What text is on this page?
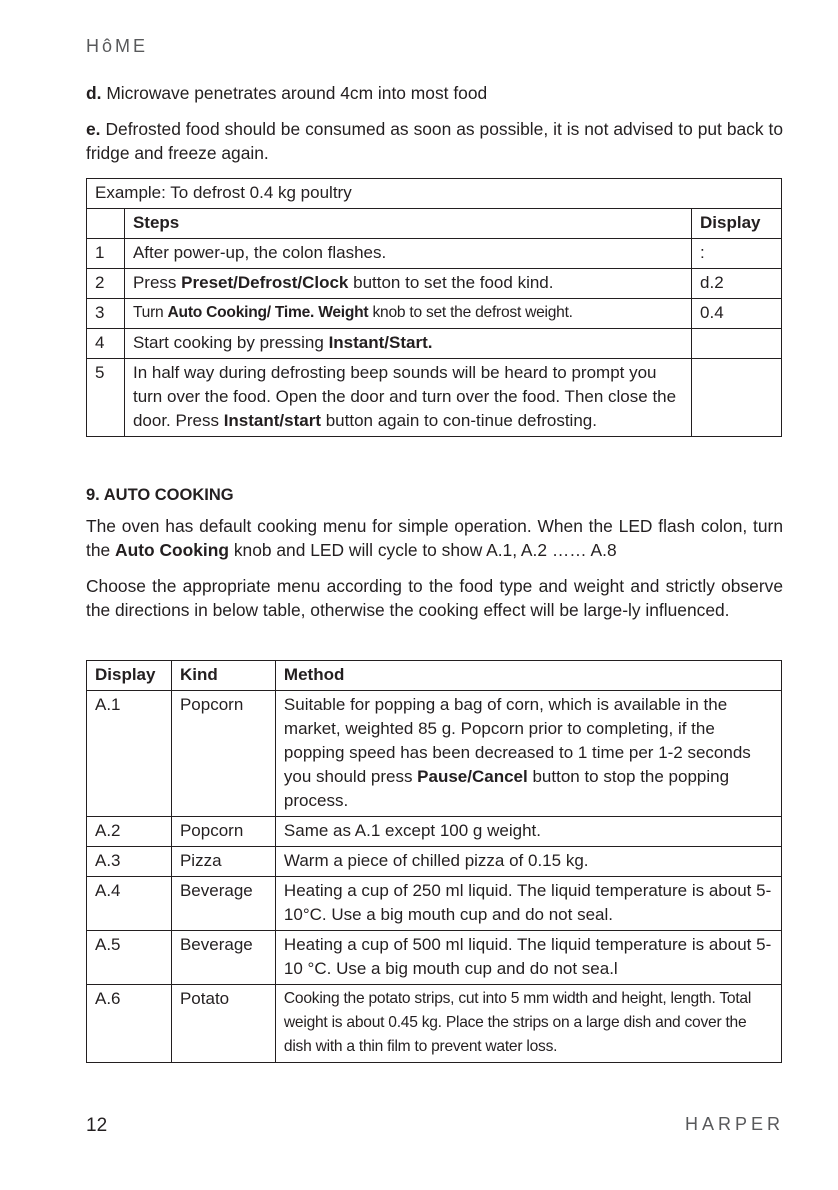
HôME

d. Microwave penetrates around 4cm into most food

e. Defrosted food should be consumed as soon as possible, it is not advised to put back to fridge and freeze again.

Example: To defrost 0.4 kg poultry		
	Steps	Display
1	After power-up, the colon flashes.	:
2	Press Preset/Defrost/Clock button to set the food kind.	d.2
3	Turn Auto Cooking/ Time. Weight knob to set the defrost weight.	0.4
4	Start cooking by pressing Instant/Start.	
5	In half way during defrosting beep sounds will be heard to prompt you turn over the food. Open the door and turn over the food. Then close the door. Press Instant/start button again to con-tinue defrosting.	
9. AUTO COOKING

The oven has default cooking menu for simple operation. When the LED flash colon, turn the Auto Cooking knob and LED will cycle to show A.1, A.2 …… A.8

Choose the appropriate menu according to the food type and weight and strictly observe the directions in below table, otherwise the cooking effect will be large-ly influenced.

Display	Kind	Method
A.1	Popcorn	Suitable for popping a bag of corn, which is available in the market, weighted 85 g. Popcorn prior to completing, if the popping speed has been decreased to 1 time per 1-2 seconds you should press Pause/Cancel button to stop the popping process.
A.2	Popcorn	Same as A.1 except 100 g weight.
A.3	Pizza	Warm a piece of chilled pizza of 0.15 kg.
A.4	Beverage	Heating a cup of 250 ml liquid. The liquid temperature is about 5-10°C. Use a big mouth cup and do not seal.
A.5	Beverage	Heating a cup of 500 ml liquid. The liquid temperature is about 5-10 °C. Use a big mouth cup and do not sea.l
A.6	Potato	Cooking the potato strips, cut into 5 mm width and height, length. Total weight is about 0.45 kg. Place the strips on a large dish and cover the dish with a thin film to prevent water loss.
12	HARPER
